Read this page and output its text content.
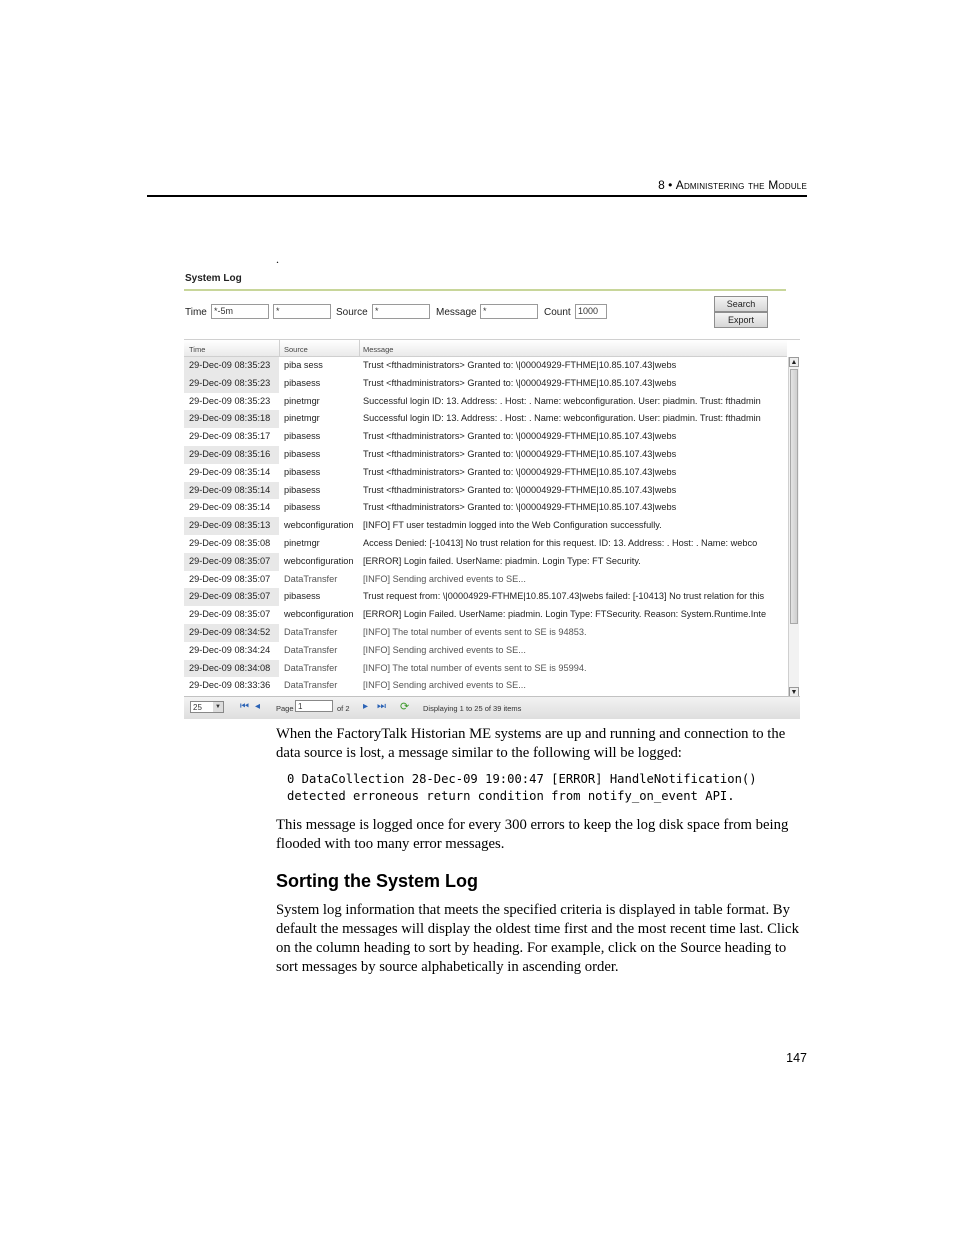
8 • Administering the Module
.
System Log
Time *-5m	*	Source *	Message *	Count 1000
Search
Export
Time	Source	Message
29-Dec-09 08:35:23	piba sess	Trust <fthadministrators> Granted to: \|00004929-FTHME|10.85.107.43|webs
29-Dec-09 08:35:23	pibasess	Trust <fthadministrators> Granted to: \|00004929-FTHME|10.85.107.43|webs
29-Dec-09 08:35:23	pinetmgr	Successful login ID: 13. Address: . Host: . Name: webconfiguration. User: piadmin. Trust: fthadmin
29-Dec-09 08:35:18	pinetmgr	Successful login ID: 13. Address: . Host: . Name: webconfiguration. User: piadmin. Trust: fthadmin
29-Dec-09 08:35:17	pibasess	Trust <fthadministrators> Granted to: \|00004929-FTHME|10.85.107.43|webs
29-Dec-09 08:35:16	pibasess	Trust <fthadministrators> Granted to: \|00004929-FTHME|10.85.107.43|webs
29-Dec-09 08:35:14	pibasess	Trust <fthadministrators> Granted to: \|00004929-FTHME|10.85.107.43|webs
29-Dec-09 08:35:14	pibasess	Trust <fthadministrators> Granted to: \|00004929-FTHME|10.85.107.43|webs
29-Dec-09 08:35:14	pibasess	Trust <fthadministrators> Granted to: \|00004929-FTHME|10.85.107.43|webs
29-Dec-09 08:35:13	webconfiguration	[INFO] FT user testadmin logged into the Web Configuration successfully.
29-Dec-09 08:35:08	pinetmgr	Access Denied: [-10413] No trust relation for this request. ID: 13. Address: . Host: . Name: webco
29-Dec-09 08:35:07	webconfiguration	[ERROR] Login failed. UserName: piadmin. Login Type: FT Security.
29-Dec-09 08:35:07	DataTransfer	[INFO] Sending archived events to SE...
29-Dec-09 08:35:07	pibasess	Trust request from: \|00004929-FTHME|10.85.107.43|webs failed: [-10413] No trust relation for this
29-Dec-09 08:35:07	webconfiguration	[ERROR] Login Failed. UserName: piadmin. Login Type: FTSecurity. Reason: System.Runtime.Inte
29-Dec-09 08:34:52	DataTransfer	[INFO] The total number of events sent to SE is 94853.
29-Dec-09 08:34:24	DataTransfer	[INFO] Sending archived events to SE...
29-Dec-09 08:34:08	DataTransfer	[INFO] The total number of events sent to SE is 95994.
29-Dec-09 08:33:36	DataTransfer	[INFO] Sending archived events to SE...
▲
▼
25	▼ ⏮ ◂ Page 1	of 2 ▸ ⏭ ⟳ Displaying 1 to 25 of 39 items
When the FactoryTalk Historian ME systems are up and running and connection to the data source is lost, a message similar to the following will be logged:
0 DataCollection 28-Dec-09 19:00:47 [ERROR] HandleNotification()
detected erroneous return condition from notify_on_event API.
This message is logged once for every 300 errors to keep the log disk space from being flooded with too many error messages.
Sorting the System Log
System log information that meets the specified criteria is displayed in table format. By default the messages will display the oldest time first and the most recent time last. Click on the column heading to sort by heading. For example, click on the Source heading to sort messages by source alphabetically in ascending order.
147
